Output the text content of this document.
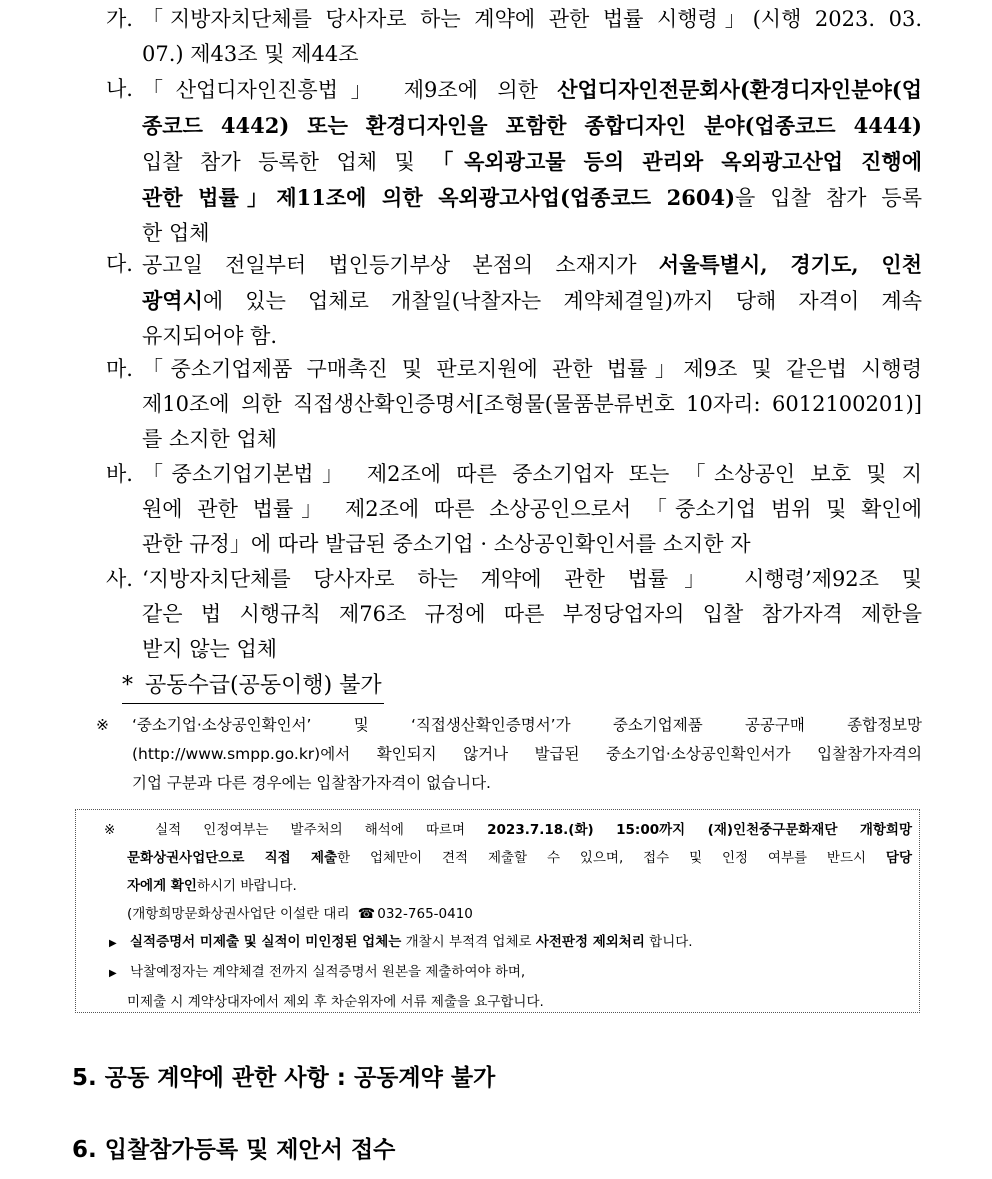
가. 「지방자치단체를 당사자로 하는 계약에 관한 법률 시행령」(시행 2023. 03.
07.) 제43조 및 제44조
나. 「산업디자인진흥법」 제9조에 의한 산업디자인전문회사(환경디자인분야(업
종코드 4442) 또는 환경디자인을 포함한 종합디자인 분야(업종코드 4444)
입찰 참가 등록한 업체 및 「옥외광고물 등의 관리와 옥외광고산업 진행에
관한 법률」제11조에 의한 옥외광고사업(업종코드 2604)을 입찰 참가 등록
한 업체
다. 공고일 전일부터 법인등기부상 본점의 소재지가 서울특별시, 경기도, 인천
광역시에 있는 업체로 개찰일(낙찰자는 계약체결일)까지 당해 자격이 계속
유지되어야 함.
마. 「중소기업제품 구매촉진 및 판로지원에 관한 법률」제9조 및 같은법 시행령
제10조에 의한 직접생산확인증명서[조형물(물품분류번호 10자리: 6012100201)]
를 소지한 업체
바. 「중소기업기본법」 제2조에 따른 중소기업자 또는 「소상공인 보호 및 지
원에 관한 법률」 제2조에 따른 소상공인으로서 「중소기업 범위 및 확인에
관한 규정」에 따라 발급된 중소기업 · 소상공인확인서를 소지한 자
사. ‘지방자치단체를 당사자로 하는 계약에 관한 법률」 시행령’제92조 및
같은 법 시행규칙 제76조 규정에 따른 부정당업자의 입찰 참가자격 제한을
받지 않는 업체
* 공동수급(공동이행) 불가
※	‘중소기업·소상공인확인서’ 및 ‘직접생산확인증명서’가 중소기업제품 공공구매 종합정보망
(http://www.smpp.go.kr)에서 확인되지 않거나 발급된 중소기업·소상공인확인서가 입찰참가자격의
기업 구분과 다른 경우에는 입찰참가자격이 없습니다.
※ 실적 인정여부는 발주처의 해석에 따르며 2023.7.18.(화) 15:00까지 (재)인천중구문화재단 개항희망
문화상권사업단으로 직접 제출한 업체만이 견적 제출할 수 있으며, 접수 및 인정 여부를 반드시 담당
자에게 확인하시기 바랍니다.
(개항희망문화상권사업단 이설란 대리 ☎ 032-765-0410
▶ 실적증명서 미제출 및 실적이 미인정된 업체는 개찰시 부적격 업체로 사전판정 제외처리 합니다.
▶ 낙찰예정자는 계약체결 전까지 실적증명서 원본을 제출하여야 하며,
미제출 시 계약상대자에서 제외 후 차순위자에 서류 제출을 요구합니다.
5. 공동 계약에 관한 사항 : 공동계약 불가
6. 입찰참가등록 및 제안서 접수
